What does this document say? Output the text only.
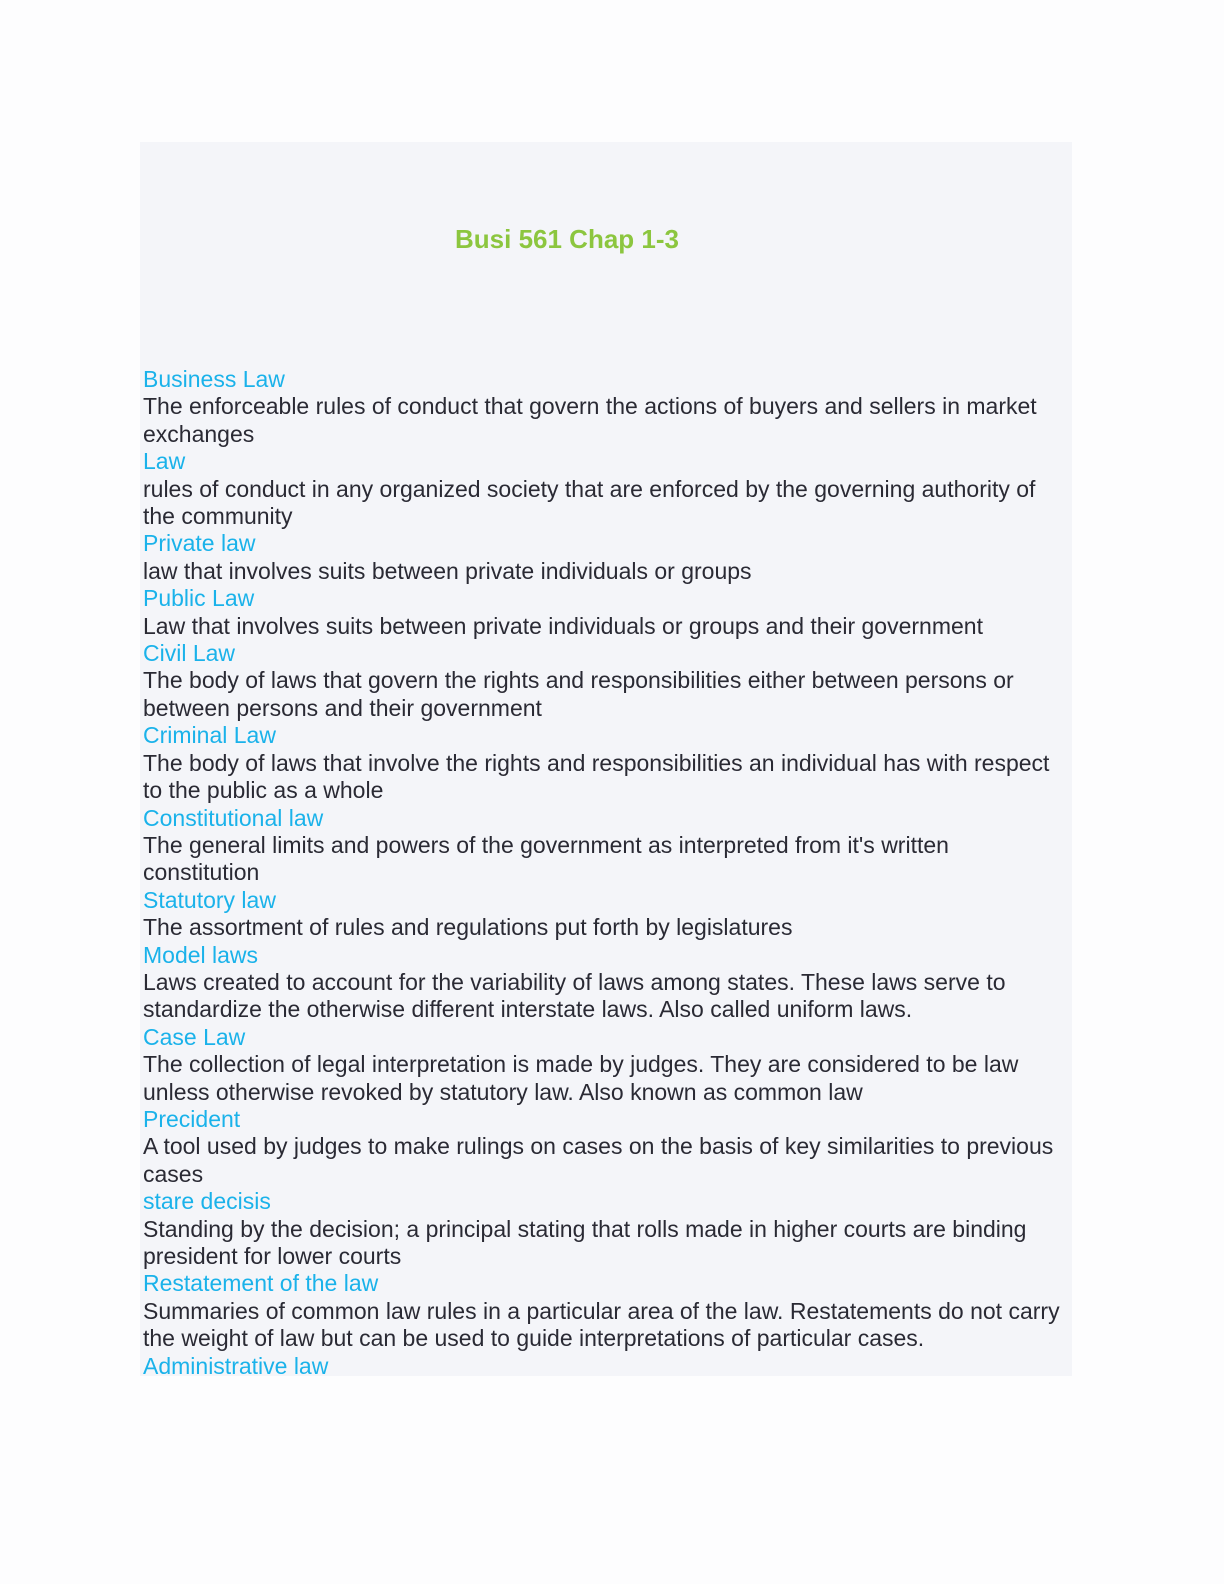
Busi 561 Chap 1-3
Business Law
The enforceable rules of conduct that govern the actions of buyers and sellers in market exchanges
Law
rules of conduct in any organized society that are enforced by the governing authority of the community
Private law
law that involves suits between private individuals or groups
Public Law
Law that involves suits between private individuals or groups and their government
Civil Law
The body of laws that govern the rights and responsibilities either between persons or between persons and their government
Criminal Law
The body of laws that involve the rights and responsibilities an individual has with respect to the public as a whole
Constitutional law
The general limits and powers of the government as interpreted from it's written constitution
Statutory law
The assortment of rules and regulations put forth by legislatures
Model laws
Laws created to account for the variability of laws among states. These laws serve to standardize the otherwise different interstate laws. Also called uniform laws.
Case Law
The collection of legal interpretation is made by judges. They are considered to be law unless otherwise revoked by statutory law. Also known as common law
Precident
A tool used by judges to make rulings on cases on the basis of key similarities to previous cases
stare decisis
Standing by the decision; a principal stating that rolls made in higher courts are binding president for lower courts
Restatement of the law
Summaries of common law rules in a particular area of the law. Restatements do not carry the weight of law but can be used to guide interpretations of particular cases.
Administrative law
